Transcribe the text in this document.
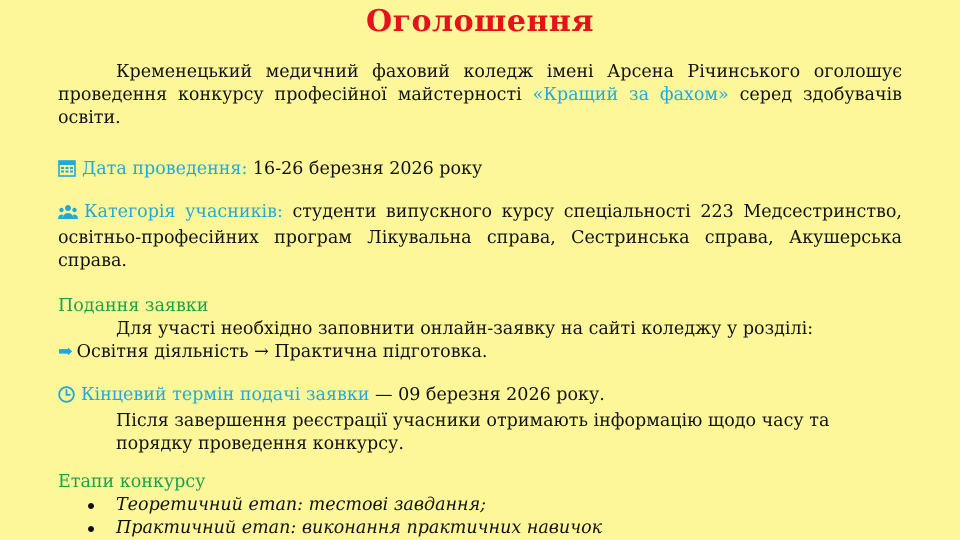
Оголошення

Кременецький медичний фаховий коледж імені Арсена Річинського оголошує проведення конкурсу професійної майстерності «Кращий за фахом» серед здобувачів освіти.

Дата проведення: 16-26 березня 2026 року

Категорія учасників: студенти випускного курсу спеціальності 223 Медсестринство, освітньо-професійних програм Лікувальна справа, Сестринська справа, Акушерська справа.

Подання заявки
Для участі необхідно заповнити онлайн-заявку на сайті коледжу у розділі:
➡ Освітня діяльність → Практична підготовка.
Кінцевий термін подачі заявки — 09 березня 2026 року.
Після завершення реєстрації учасники отримають інформацію щодо часу та порядку проведення конкурсу.
Етапи конкурсу
Теоретичний етап: тестові завдання;
Практичний етап: виконання практичних навичок
